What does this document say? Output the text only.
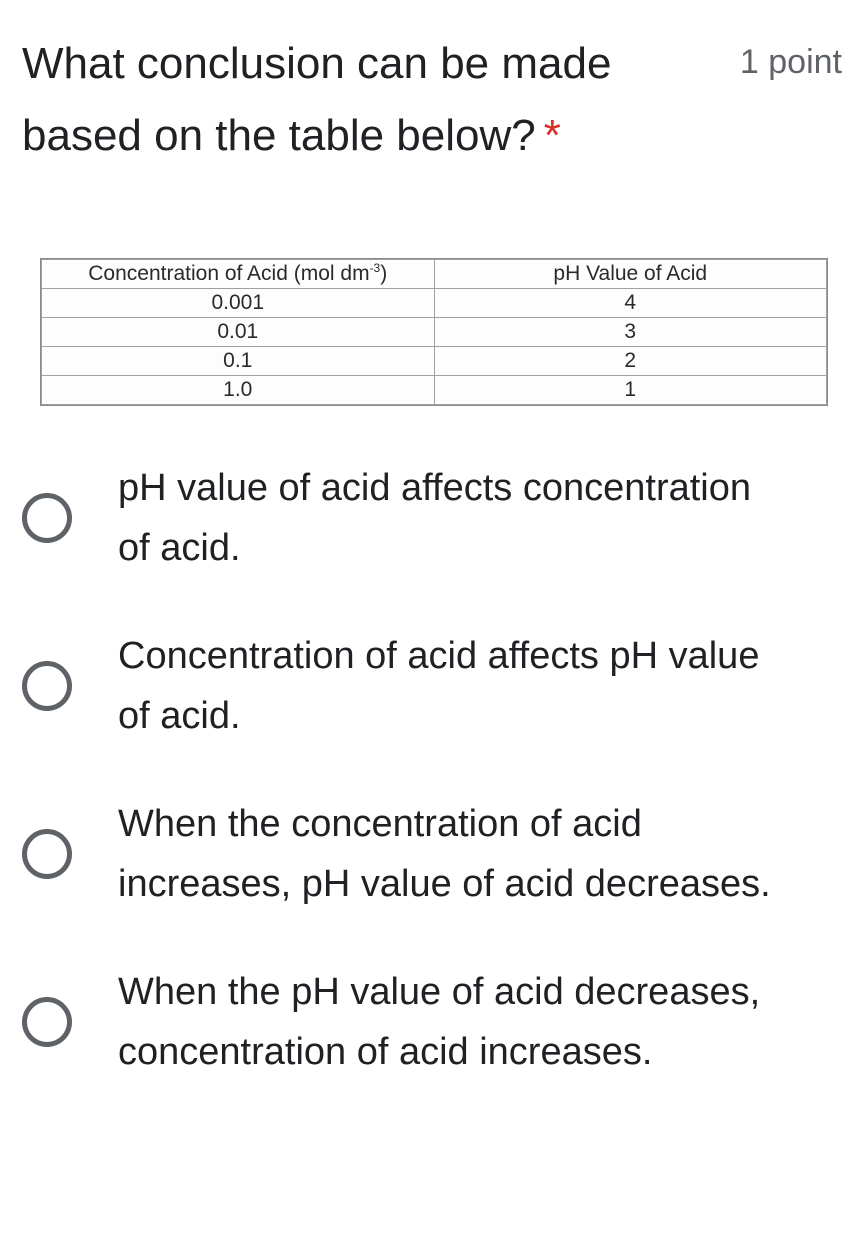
What conclusion can be made based on the table below? *
1 point
Concentration of Acid (mol $dm^{-3}$)	pH Value of Acid
0.001	4
0.01	3
0.1	2
1.0	1
pH value of acid affects concentration of acid.
Concentration of acid affects pH value of acid.
When the concentration of acid increases, pH value of acid decreases.
When the pH value of acid decreases, concentration of acid increases.
